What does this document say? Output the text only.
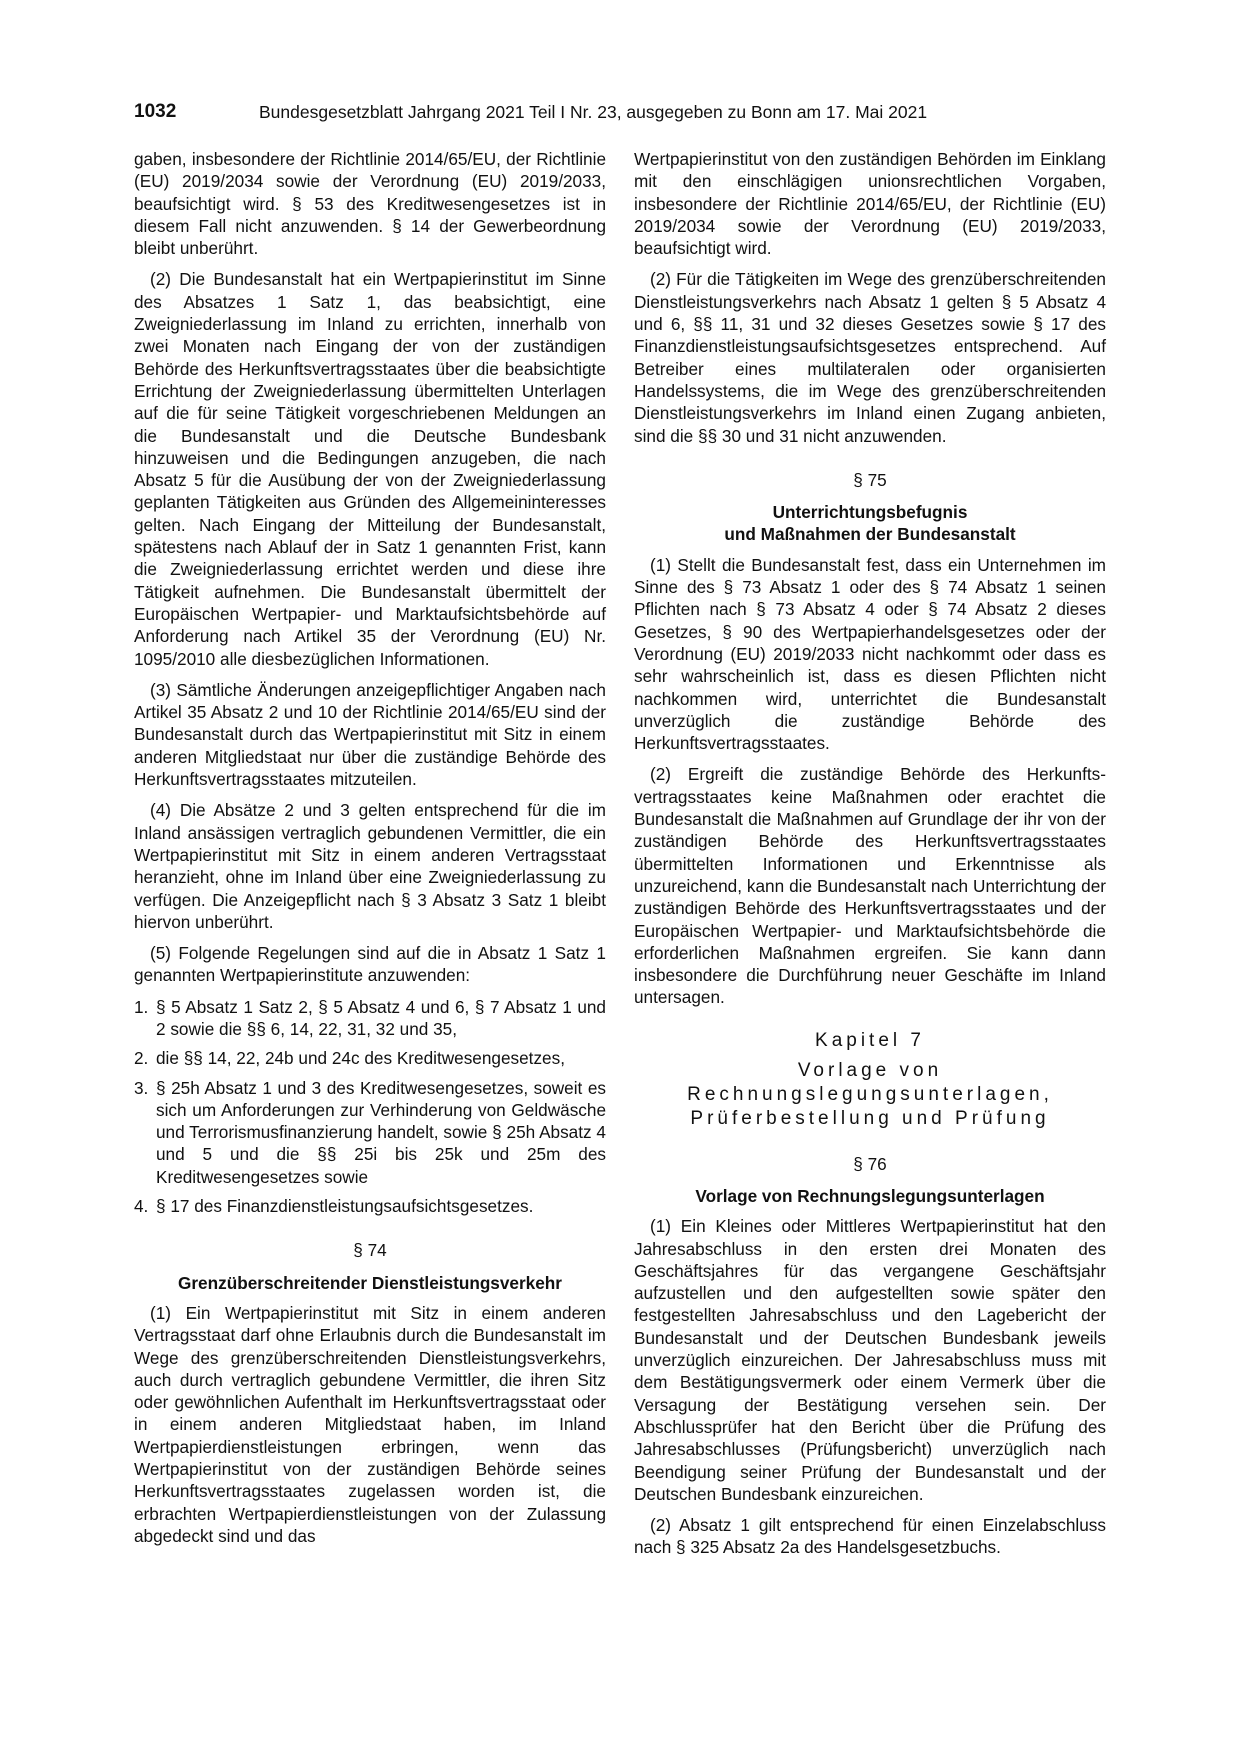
1032	Bundesgesetzblatt Jahrgang 2021 Teil I Nr. 23, ausgegeben zu Bonn am 17. Mai 2021

gaben, insbesondere der Richtlinie 2014/65/EU, der Richtlinie (EU) 2019/2034 sowie der Verordnung (EU) 2019/2033, beaufsichtigt wird. § 53 des Kreditwesengesetzes ist in diesem Fall nicht anzuwenden. § 14 der Gewerbeordnung bleibt unberührt.

(2) Die Bundesanstalt hat ein Wertpapierinstitut im Sinne des Absatzes 1 Satz 1, das beabsichtigt, eine Zweigniederlassung im Inland zu errichten, innerhalb von zwei Monaten nach Eingang der von der zuständigen Behörde des Herkunftsvertragsstaates über die beabsichtigte Errichtung der Zweigniederlassung übermittelten Unterlagen auf die für seine Tätigkeit vorgeschriebenen Meldungen an die Bundesanstalt und die Deutsche Bundesbank hinzuweisen und die Bedingungen anzugeben, die nach Absatz 5 für die Ausübung der von der Zweigniederlassung geplanten Tätigkeiten aus Gründen des Allgemeininteresses gelten. Nach Eingang der Mitteilung der Bundesanstalt, spätestens nach Ablauf der in Satz 1 genannten Frist, kann die Zweigniederlassung errichtet werden und diese ihre Tätigkeit aufnehmen. Die Bundesanstalt übermittelt der Europäischen Wertpapier- und Marktaufsichtsbehörde auf Anforderung nach Artikel 35 der Verordnung (EU) Nr. 1095/2010 alle diesbezüglichen Informationen.

(3) Sämtliche Änderungen anzeigepflichtiger Angaben nach Artikel 35 Absatz 2 und 10 der Richtlinie 2014/65/EU sind der Bundesanstalt durch das Wertpapierinstitut mit Sitz in einem anderen Mitgliedstaat nur über die zuständige Behörde des Herkunftsvertragsstaates mitzuteilen.

(4) Die Absätze 2 und 3 gelten entsprechend für die im Inland ansässigen vertraglich gebundenen Vermittler, die ein Wertpapierinstitut mit Sitz in einem anderen Vertragsstaat heranzieht, ohne im Inland über eine Zweigniederlassung zu verfügen. Die Anzeigepflicht nach § 3 Absatz 3 Satz 1 bleibt hiervon unberührt.

(5) Folgende Regelungen sind auf die in Absatz 1 Satz 1 genannten Wertpapierinstitute anzuwenden:

1. § 5 Absatz 1 Satz 2, § 5 Absatz 4 und 6, § 7 Absatz 1 und 2 sowie die §§ 6, 14, 22, 31, 32 und 35,
2. die §§ 14, 22, 24b und 24c des Kreditwesengesetzes,
3. § 25h Absatz 1 und 3 des Kreditwesengesetzes, soweit es sich um Anforderungen zur Verhinderung von Geldwäsche und Terrorismusfinanzierung handelt, sowie § 25h Absatz 4 und 5 und die §§ 25i bis 25k und 25m des Kreditwesengesetzes sowie
4. § 17 des Finanzdienstleistungsaufsichtsgesetzes.
§ 74
Grenzüberschreitender Dienstleistungsverkehr

(1) Ein Wertpapierinstitut mit Sitz in einem anderen Vertragsstaat darf ohne Erlaubnis durch die Bundesanstalt im Wege des grenzüberschreitenden Dienstleistungsverkehrs, auch durch vertraglich gebundene Vermittler, die ihren Sitz oder gewöhnlichen Aufenthalt im Herkunftsvertragsstaat oder in einem anderen Mitgliedstaat haben, im Inland Wertpapierdienstleistungen erbringen, wenn das Wertpapierinstitut von der zuständigen Behörde seines Herkunftsvertragsstaates zugelassen worden ist, die erbrachten Wertpapierdienstleistungen von der Zulassung abgedeckt sind und das

Wertpapierinstitut von den zuständigen Behörden im Einklang mit den einschlägigen unionsrechtlichen Vorgaben, insbesondere der Richtlinie 2014/65/EU, der Richtlinie (EU) 2019/2034 sowie der Verordnung (EU) 2019/2033, beaufsichtigt wird.

(2) Für die Tätigkeiten im Wege des grenzüberschreitenden Dienstleistungsverkehrs nach Absatz 1 gelten § 5 Absatz 4 und 6, §§ 11, 31 und 32 dieses Gesetzes sowie § 17 des Finanzdienstleistungsaufsichtsgesetzes entsprechend. Auf Betreiber eines multilateralen oder organisierten Handelssystems, die im Wege des grenzüberschreitenden Dienstleistungsverkehrs im Inland einen Zugang anbieten, sind die §§ 30 und 31 nicht anzuwenden.

§ 75
Unterrichtungsbefugnis
und Maßnahmen der Bundesanstalt

(1) Stellt die Bundesanstalt fest, dass ein Unternehmen im Sinne des § 73 Absatz 1 oder des § 74 Absatz 1 seinen Pflichten nach § 73 Absatz 4 oder § 74 Absatz 2 dieses Gesetzes, § 90 des Wertpapierhandelsgesetzes oder der Verordnung (EU) 2019/2033 nicht nachkommt oder dass es sehr wahrscheinlich ist, dass es diesen Pflichten nicht nachkommen wird, unterrichtet die Bundesanstalt unverzüglich die zuständige Behörde des Herkunftsvertragsstaates.

(2) Ergreift die zuständige Behörde des Herkunftsvertragsstaates keine Maßnahmen oder erachtet die Bundesanstalt die Maßnahmen auf Grundlage der ihr von der zuständigen Behörde des Herkunftsvertragsstaates übermittelten Informationen und Erkenntnisse als unzureichend, kann die Bundesanstalt nach Unterrichtung der zuständigen Behörde des Herkunftsvertragsstaates und der Europäischen Wertpapier- und Marktaufsichtsbehörde die erforderlichen Maßnahmen ergreifen. Sie kann dann insbesondere die Durchführung neuer Geschäfte im Inland untersagen.

Kapitel 7
Vorlage von
Rechnungslegungsunterlagen,
Prüferbestellung und Prüfung
§ 76
Vorlage von Rechnungslegungsunterlagen

(1) Ein Kleines oder Mittleres Wertpapierinstitut hat den Jahresabschluss in den ersten drei Monaten des Geschäftsjahres für das vergangene Geschäftsjahr aufzustellen und den aufgestellten sowie später den festgestellten Jahresabschluss und den Lagebericht der Bundesanstalt und der Deutschen Bundesbank jeweils unverzüglich einzureichen. Der Jahresabschluss muss mit dem Bestätigungsvermerk oder einem Vermerk über die Versagung der Bestätigung versehen sein. Der Abschlussprüfer hat den Bericht über die Prüfung des Jahresabschlusses (Prüfungsbericht) unverzüglich nach Beendigung seiner Prüfung der Bundesanstalt und der Deutschen Bundesbank einzureichen.

(2) Absatz 1 gilt entsprechend für einen Einzelabschluss nach § 325 Absatz 2a des Handelsgesetzbuchs.
